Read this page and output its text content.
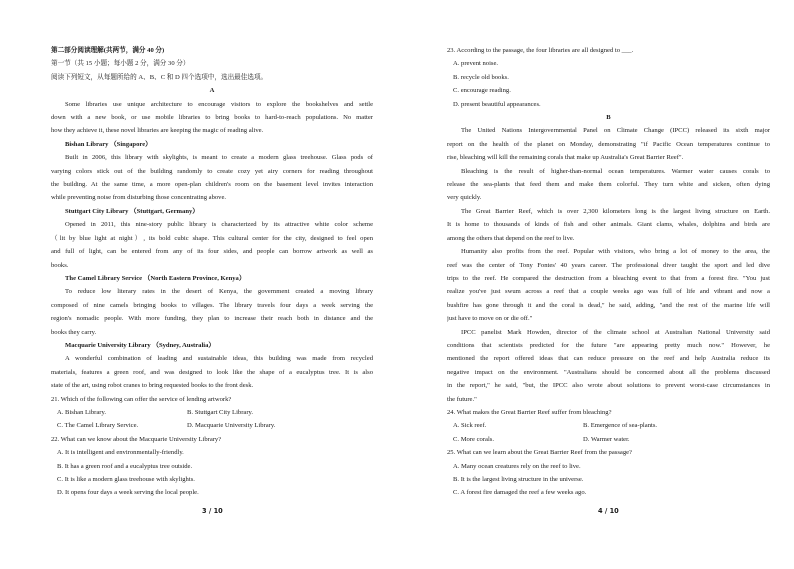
第二部分阅读理解(共两节，满分 40 分)
第一节（共 15 小题；每小题 2 分，满分 30 分）
阅读下列短文，从每题所给的 A、B、C 和 D 四个选项中，选出最佳选项。
A
Some libraries use unique architecture to encourage visitors to explore the bookshelves and settle
down with a new book, or use mobile libraries to bring books to hard-to-reach populations. No matter
how they achieve it, these novel libraries are keeping the magic of reading alive.
Bishan Library （Singapore）
Built in 2006, this library with skylights, is meant to create a modern glass treehouse. Glass pods of
varying colors stick out of the building randomly to create cozy yet airy corners for reading throughout
the building. At the same time, a more open-plan children's room on the basement level invites interaction
while preventing noise from disturbing those concentrating above.
Stuttgart City Library （Stuttgart, Germany）
Opened in 2011, this nine-story public library is characterized by its attractive white color scheme
（lit by blue light at night）, its bold cubic shape. This cultural center for the city, designed to feel open
and full of light, can be entered from any of its four sides, and people can borrow artwork as well as
books.
The Camel Library Service （North Eastern Province, Kenya）
To reduce low literary rates in the desert of Kenya, the government created a moving library
composed of nine camels bringing books to villages. The library travels four days a week serving the
region's nomadic people. With more funding, they plan to increase their reach both in distance and the
books they carry.
Macquarie University Library （Sydney, Australia）
A wonderful combination of leading and sustainable ideas, this building was made from recycled
materials, features a green roof, and was designed to look like the shape of a eucalyptus tree. It is also
state of the art, using robot cranes to bring requested books to the front desk.
21. Which of the following can offer the service of lending artwork?
A. Bishan Library.	B. Stuttgart City Library.
C. The Camel Library Service.	D. Macquarie University Library.
22. What can we know about the Macquarie University Library?
A. It is intelligent and environmentally-friendly.
B. It has a green roof and a eucalyptus tree outside.
C. It is like a modern glass treehouse with skylights.
D. It opens four days a week serving the local people.
3 / 10
23. According to the passage, the four libraries are all designed to ___.
A. prevent noise.
B. recycle old books.
C. encourage reading.
D. present beautiful appearances.
B
The United Nations Intergovernmental Panel on Climate Change (IPCC) released its sixth major
report on the health of the planet on Monday, demonstrating "if Pacific Ocean temperatures continue to
rise, bleaching will kill the remaining corals that make up Australia's Great Barrier Reef".
Bleaching is the result of higher-than-normal ocean temperatures. Warmer water causes corals to
release the sea-plants that feed them and make them colorful. They turn white and sicken, often dying
very quickly.
The Great Barrier Reef, which is over 2,300 kilometers long is the largest living structure on Earth.
It is home to thousands of kinds of fish and other animals. Giant clams, whales, dolphins and birds are
among the others that depend on the reef to live.
Humanity also profits from the reef. Popular with visitors, who bring a lot of money to the area, the
reef was the center of Tony Fontes' 40 years career. The professional diver taught the sport and led dive
trips to the reef. He compared the destruction from a bleaching event to that from a forest fire. "You just
realize you've just swum across a reef that a couple weeks ago was full of life and vibrant and now a
bushfire has gone through it and the coral is dead," he said, adding, "and the rest of the marine life will
just have to move on or die off."
IPCC panelist Mark Howden, director of the climate school at Australian National University said
conditions that scientists predicted for the future "are appearing pretty much now." However, he
mentioned the report offered ideas that can reduce pressure on the reef and help Australia reduce its
negative impact on the environment. "Australians should be concerned about all the problems discussed
in the report," he said, "but, the IPCC also wrote about solutions to prevent worst-case circumstances in
the future."
24. What makes the Great Barrier Reef suffer from bleaching?
A. Sick reef.	B. Emergence of sea-plants.
C. More corals.	D. Warmer water.
25. What can we learn about the Great Barrier Reef from the passage?
A. Many ocean creatures rely on the reef to live.
B. It is the largest living structure in the universe.
C. A forest fire damaged the reef a few weeks ago.
4 / 10
